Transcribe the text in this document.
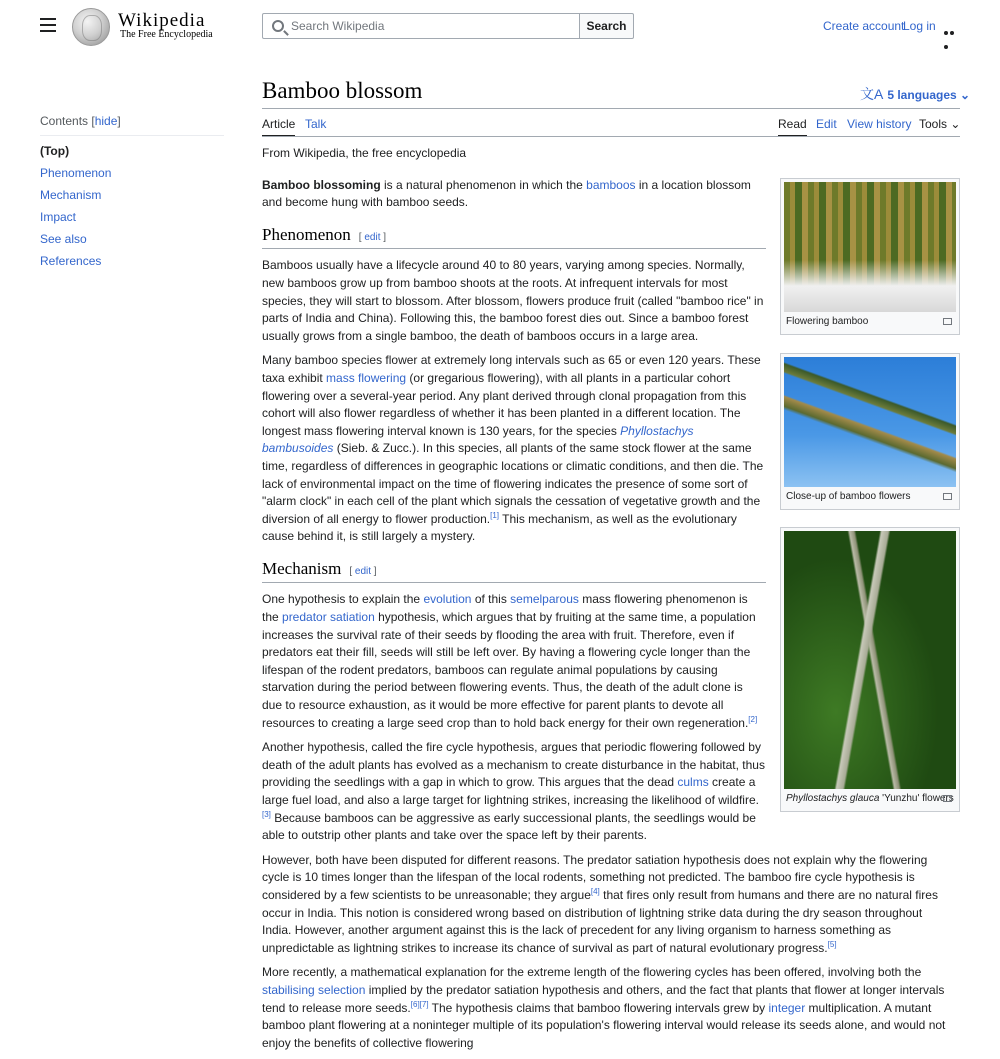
Wikipedia
The Free Encyclopedia
Search Wikipedia
Search	Create account
Log in
Contents [hide]
(Top)
Phenomenon
Mechanism
Impact
See also
References
Bamboo blossom	文A 5 languages ⌄
Article Talk	Read Edit View history Tools ⌄
From Wikipedia, the free encyclopedia

Bamboo blossoming is a natural phenomenon in which the bamboos in a location blossom and become hung with bamboo seeds.

Phenomenon [ edit ]

Bamboos usually have a lifecycle around 40 to 80 years, varying among species. Normally, new bamboos grow up from bamboo shoots at the roots. At infrequent intervals for most species, they will start to blossom. After blossom, flowers produce fruit (called "bamboo rice" in parts of India and China). Following this, the bamboo forest dies out. Since a bamboo forest usually grows from a single bamboo, the death of bamboos occurs in a large area.

Many bamboo species flower at extremely long intervals such as 65 or even 120 years. These taxa exhibit mass flowering (or gregarious flowering), with all plants in a particular cohort flowering over a several-year period. Any plant derived through clonal propagation from this cohort will also flower regardless of whether it has been planted in a different location. The longest mass flowering interval known is 130 years, for the species Phyllostachys bambusoides (Sieb. & Zucc.). In this species, all plants of the same stock flower at the same time, regardless of differences in geographic locations or climatic conditions, and then die. The lack of environmental impact on the time of flowering indicates the presence of some sort of "alarm clock" in each cell of the plant which signals the cessation of vegetative growth and the diversion of all energy to flower production.[1] This mechanism, as well as the evolutionary cause behind it, is still largely a mystery.

Mechanism [ edit ]

One hypothesis to explain the evolution of this semelparous mass flowering phenomenon is the predator satiation hypothesis, which argues that by fruiting at the same time, a population increases the survival rate of their seeds by flooding the area with fruit. Therefore, even if predators eat their fill, seeds will still be left over. By having a flowering cycle longer than the lifespan of the rodent predators, bamboos can regulate animal populations by causing starvation during the period between flowering events. Thus, the death of the adult clone is due to resource exhaustion, as it would be more effective for parent plants to devote all resources to creating a large seed crop than to hold back energy for their own regeneration.[2]

Another hypothesis, called the fire cycle hypothesis, argues that periodic flowering followed by death of the adult plants has evolved as a mechanism to create disturbance in the habitat, thus providing the seedlings with a gap in which to grow. This argues that the dead culms create a large fuel load, and also a large target for lightning strikes, increasing the likelihood of wildfire.[3] Because bamboos can be aggressive as early successional plants, the seedlings would be able to outstrip other plants and take over the space left by their parents.

However, both have been disputed for different reasons. The predator satiation hypothesis does not explain why the flowering cycle is 10 times longer than the lifespan of the local rodents, something not predicted. The bamboo fire cycle hypothesis is considered by a few scientists to be unreasonable; they argue[4] that fires only result from humans and there are no natural fires occur in India. This notion is considered wrong based on distribution of lightning strike data during the dry season throughout India. However, another argument against this is the lack of precedent for any living organism to harness something as unpredictable as lightning strikes to increase its chance of survival as part of natural evolutionary progress.[5]

More recently, a mathematical explanation for the extreme length of the flowering cycles has been offered, involving both the stabilising selection implied by the predator satiation hypothesis and others, and the fact that plants that flower at longer intervals tend to release more seeds.[6][7] The hypothesis claims that bamboo flowering intervals grew by integer multiplication. A mutant bamboo plant flowering at a noninteger multiple of its population's flowering interval would release its seeds alone, and would not enjoy the benefits of collective flowering

Flowering bamboo
Close-up of bamboo flowers
Phyllostachys glauca 'Yunzhu' flowers
